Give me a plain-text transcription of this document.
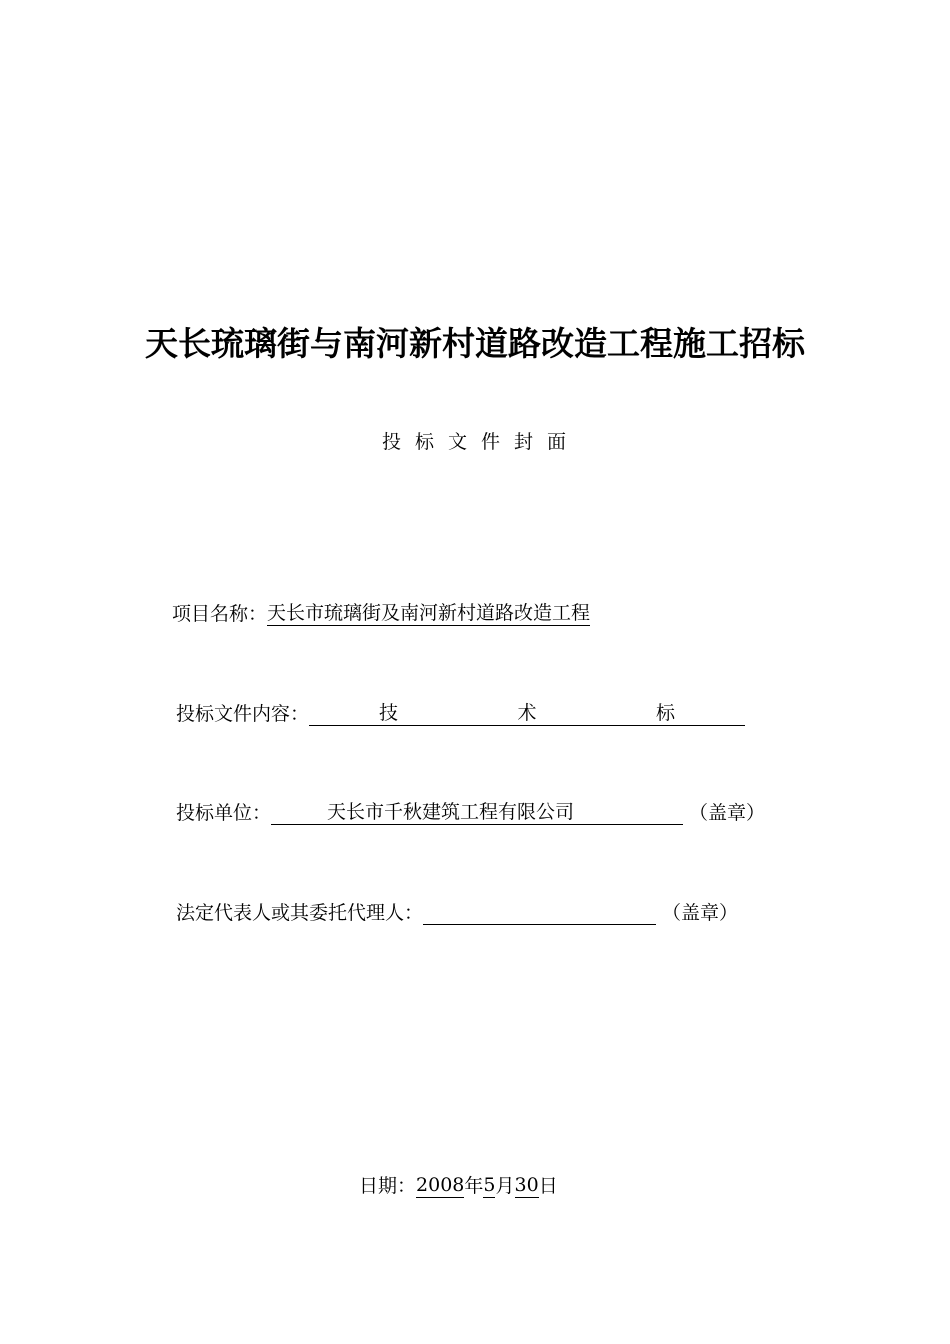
天长琉璃街与南河新村道路改造工程施工招标
投标文件封面
项目名称：天长市琉璃街及南河新村道路改造工程
投标文件内容：	技	术	标
投标单位：	天长市千秋建筑工程有限公司	（盖章）
法定代表人或其委托代理人：	（盖章）
日期：2008年5月30日
